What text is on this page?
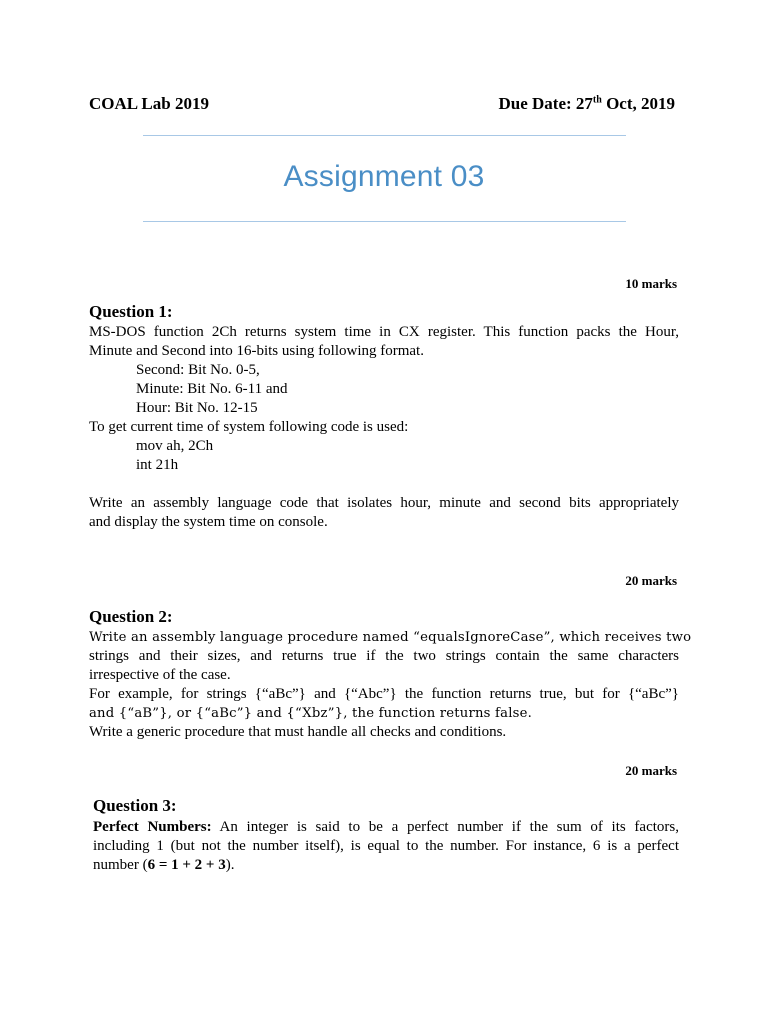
COAL Lab 2019	Due Date: 27th Oct, 2019
Assignment 03
10 marks
Question 1:
MS-DOS function 2Ch returns system time in CX register. This function packs the Hour,
Minute and Second into 16-bits using following format.
Second: Bit No. 0-5,
Minute: Bit No. 6-11 and
Hour: Bit No. 12-15
To get current time of system following code is used:
mov ah, 2Ch
int 21h
Write an assembly language code that isolates hour, minute and second bits appropriately
and display the system time on console.
20 marks
Question 2:
Write an assembly language procedure named “equalsIgnoreCase”, which receives two
strings and their sizes, and returns true if the two strings contain the same characters
irrespective of the case.
For example, for strings {“aBc”} and {“Abc”} the function returns true, but for {“aBc”}
and {“aB”}, or {“aBc”} and {“Xbz”}, the function returns false.
Write a generic procedure that must handle all checks and conditions.
20 marks
Question 3:
Perfect Numbers: An integer is said to be a perfect number if the sum of its factors,
including 1 (but not the number itself), is equal to the number. For instance, 6 is a perfect
number (6 = 1 + 2 + 3).
